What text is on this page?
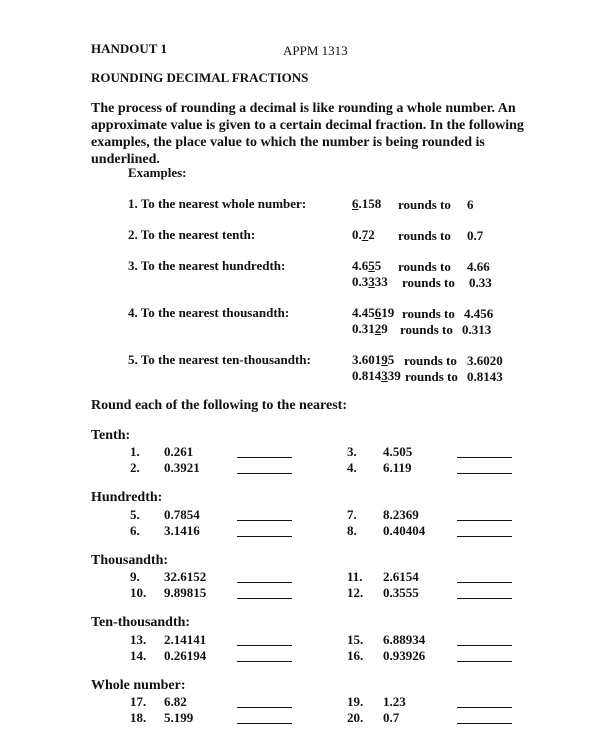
HANDOUT 1	APPM 1313
ROUNDING DECIMAL FRACTIONS
The process of rounding a decimal is like rounding a whole number. An approximate value is given to a certain decimal fraction. In the following examples, the place value to which the number is being rounded is underlined.
Examples:
1. To the nearest whole number:	6.158 rounds to 6
2. To the nearest tenth:	0.72 rounds to 0.7
3. To the nearest hundredth:	4.655 rounds to 4.66
0.3333 rounds to 0.33
4. To the nearest thousandth:	4.45619 rounds to 4.456
0.3129 rounds to 0.313
5. To the nearest ten-thousandth:	3.60195 rounds to 3.6020
0.814339 rounds to 0.8143
Round each of the following to the nearest:
Tenth:
1. 0.261
2. 0.3921
3. 4.505
4. 6.119
Hundredth:
5. 0.7854
6. 3.1416
7. 8.2369
8. 0.40404
Thousandth:
9. 32.6152
10. 9.89815
11. 2.6154
12. 0.3555
Ten-thousandth:
13. 2.14141
14. 0.26194
15. 6.88934
16. 0.93926
Whole number:
17. 6.82
18. 5.199
19. 1.23
20. 0.7
